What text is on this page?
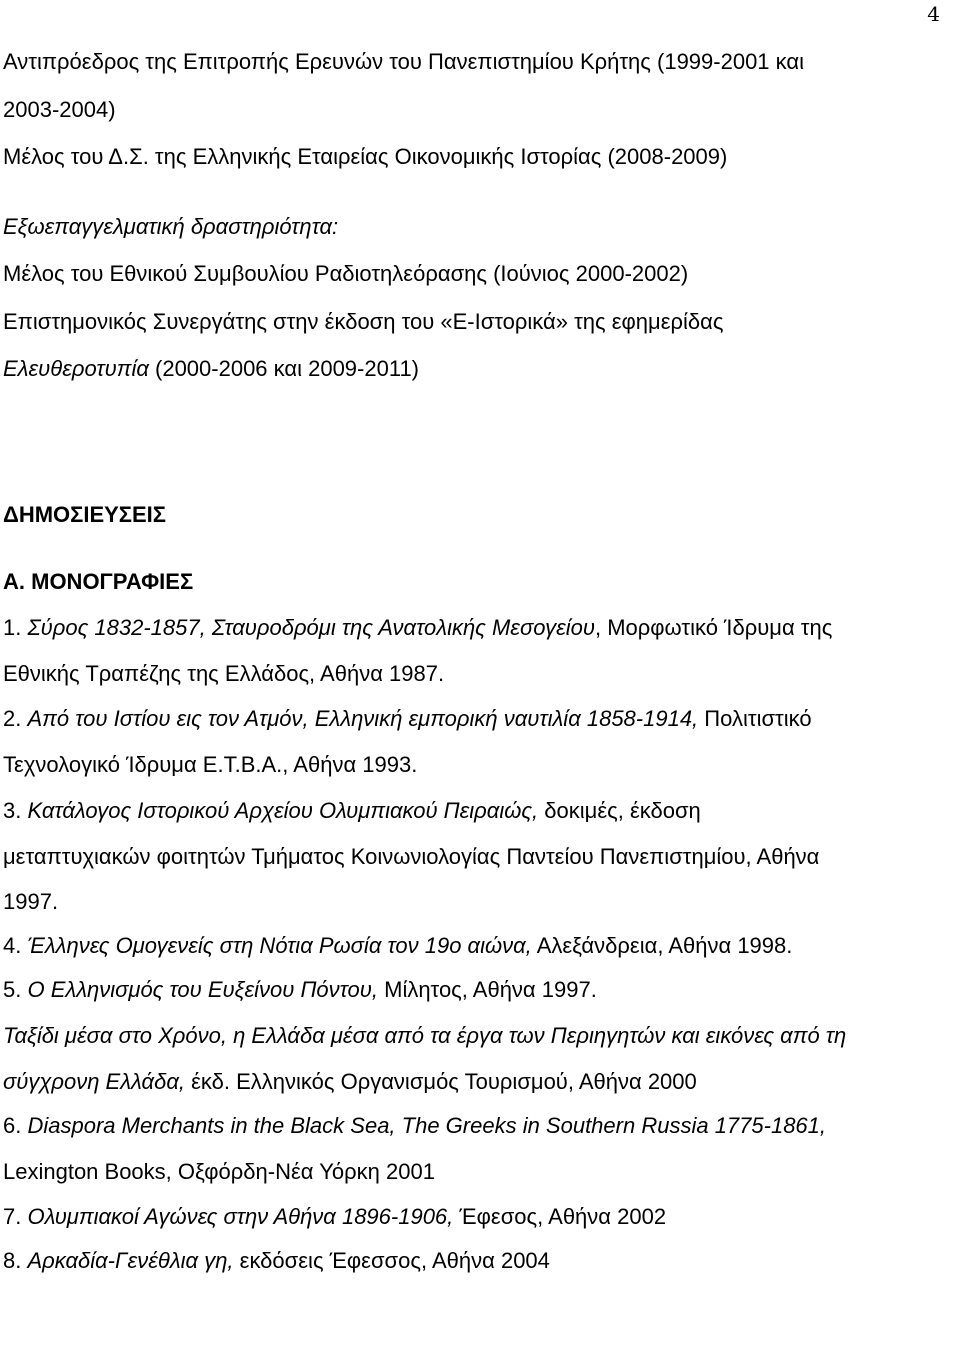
4
Αντιπρόεδρος της Επιτροπής Ερευνών του Πανεπιστημίου Κρήτης (1999-2001 και
2003-2004)
Μέλος του Δ.Σ. της Ελληνικής Εταιρείας Οικονομικής Ιστορίας (2008-2009)
Εξωεπαγγελματική δραστηριότητα:
Μέλος του Εθνικού Συμβουλίου Ραδιοτηλεόρασης (Ιούνιος 2000-2002)
Επιστημονικός Συνεργάτης στην έκδοση του «Ε-Ιστορικά» της εφημερίδας
Ελευθεροτυπία (2000-2006 και 2009-2011)
ΔΗΜΟΣΙΕΥΣΕΙΣ
Α. ΜΟΝΟΓΡΑΦΙΕΣ
1. Σύρος 1832-1857, Σταυροδρόμι της Ανατολικής Μεσογείου, Μορφωτικό Ίδρυμα της
Εθνικής Τραπέζης της Ελλάδος, Αθήνα 1987.
2. Από του Ιστίου εις τον Ατμόν, Ελληνική εμπορική ναυτιλία 1858-1914, Πολιτιστικό
Τεχνολογικό Ίδρυμα Ε.Τ.Β.Α., Αθήνα 1993.
3. Κατάλογος Ιστορικού Αρχείου Ολυμπιακού Πειραιώς, δοκιμές, έκδοση
μεταπτυχιακών φοιτητών Τμήματος Κοινωνιολογίας Παντείου Πανεπιστημίου, Αθήνα
1997.
4. Έλληνες Ομογενείς στη Νότια Ρωσία τον 19ο αιώνα, Αλεξάνδρεια, Αθήνα 1998.
5. Ο Ελληνισμός του Ευξείνου Πόντου, Μίλητος, Αθήνα 1997.
Ταξίδι μέσα στο Χρόνο, η Ελλάδα μέσα από τα έργα των Περιηγητών και εικόνες από τη
σύγχρονη Ελλάδα, έκδ. Ελληνικός Οργανισμός Τουρισμού, Αθήνα 2000
6. Diaspora Merchants in the Black Sea, The Greeks in Southern Russia 1775-1861,
Lexington Books, Οξφόρδη-Νέα Υόρκη 2001
7. Ολυμπιακοί Αγώνες στην Αθήνα 1896-1906, Έφεσος, Αθήνα 2002
8. Αρκαδία-Γενέθλια γη, εκδόσεις Έφεσσος, Αθήνα 2004
